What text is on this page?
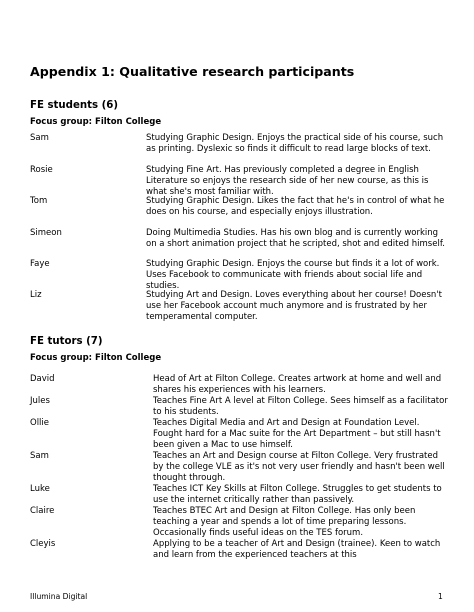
Appendix 1: Qualitative research participants
FE students (6)
Focus group: Filton College
Sam	Studying Graphic Design. Enjoys the practical side of his course, such as printing. Dyslexic so finds it difficult to read large blocks of text.
Rosie	Studying Fine Art. Has previously completed a degree in English Literature so enjoys the research side of her new course, as this is what she's most familiar with.
Tom	Studying Graphic Design. Likes the fact that he's in control of what he does on his course, and especially enjoys illustration.
Simeon	Doing Multimedia Studies. Has his own blog and is currently working on a short animation project that he scripted, shot and edited himself.
Faye	Studying Graphic Design. Enjoys the course but finds it a lot of work. Uses Facebook to communicate with friends about social life and studies.
Liz	Studying Art and Design. Loves everything about her course! Doesn't use her Facebook account much anymore and is frustrated by her temperamental computer.
FE tutors (7)
Focus group: Filton College
David	Head of Art at Filton College. Creates artwork at home and well and shares his experiences with his learners.
Jules	Teaches Fine Art A level at Filton College. Sees himself as a facilitator to his students.
Ollie	Teaches Digital Media and Art and Design at Foundation Level. Fought hard for a Mac suite for the Art Department – but still hasn't been given a Mac to use himself.
Sam	Teaches an Art and Design course at Filton College. Very frustrated by the college VLE as it's not very user friendly and hasn't been well thought through.
Luke	Teaches ICT Key Skills at Filton College. Struggles to get students to use the internet critically rather than passively.
Claire	Teaches BTEC Art and Design at Filton College. Has only been teaching a year and spends a lot of time preparing lessons. Occasionally finds useful ideas on the TES forum.
Cleyis	Applying to be a teacher of Art and Design (trainee). Keen to watch and learn from the experienced teachers at this
Illumina Digital	1
